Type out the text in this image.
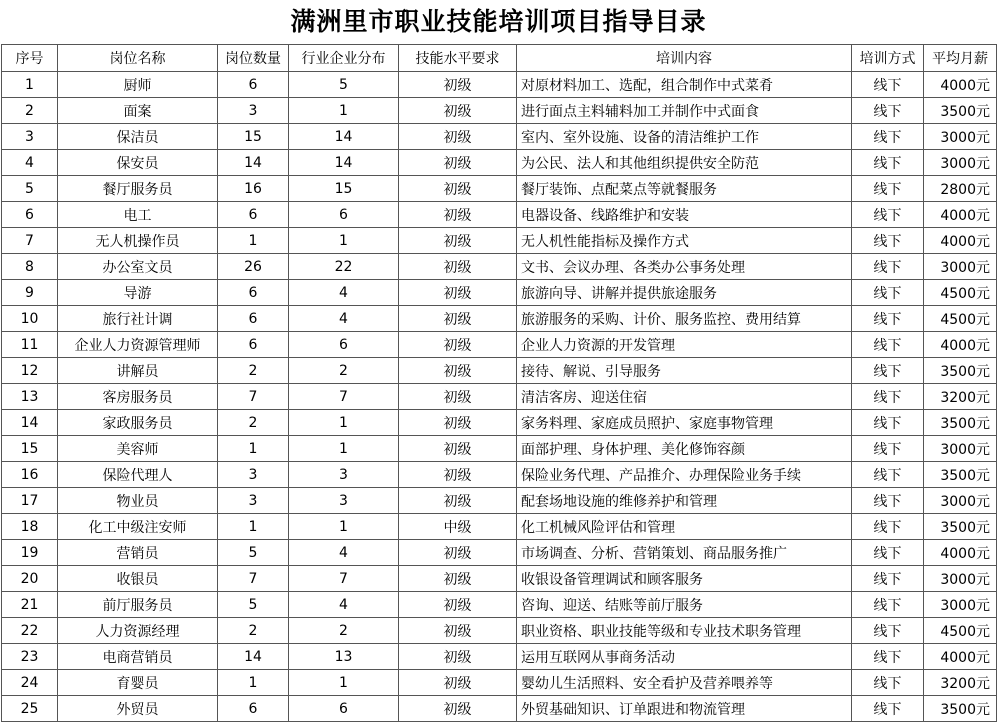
满洲里市职业技能培训项目指导目录
序号	岗位名称	岗位数量	行业企业分布	技能水平要求	培训内容	培训方式	平均月薪
1	厨师	6	5	初级	对原材料加工、选配，组合制作中式菜肴	线下	4000元
2	面案	3	1	初级	进行面点主料辅料加工并制作中式面食	线下	3500元
3	保洁员	15	14	初级	室内、室外设施、设备的清洁维护工作	线下	3000元
4	保安员	14	14	初级	为公民、法人和其他组织提供安全防范	线下	3000元
5	餐厅服务员	16	15	初级	餐厅装饰、点配菜点等就餐服务	线下	2800元
6	电工	6	6	初级	电器设备、线路维护和安装	线下	4000元
7	无人机操作员	1	1	初级	无人机性能指标及操作方式	线下	4000元
8	办公室文员	26	22	初级	文书、会议办理、各类办公事务处理	线下	3000元
9	导游	6	4	初级	旅游向导、讲解并提供旅途服务	线下	4500元
10	旅行社计调	6	4	初级	旅游服务的采购、计价、服务监控、费用结算	线下	4500元
11	企业人力资源管理师	6	6	初级	企业人力资源的开发管理	线下	4000元
12	讲解员	2	2	初级	接待、解说、引导服务	线下	3500元
13	客房服务员	7	7	初级	清洁客房、迎送住宿	线下	3200元
14	家政服务员	2	1	初级	家务料理、家庭成员照护、家庭事物管理	线下	3500元
15	美容师	1	1	初级	面部护理、身体护理、美化修饰容颜	线下	3000元
16	保险代理人	3	3	初级	保险业务代理、产品推介、办理保险业务手续	线下	3500元
17	物业员	3	3	初级	配套场地设施的维修养护和管理	线下	3000元
18	化工中级注安师	1	1	中级	化工机械风险评估和管理	线下	3500元
19	营销员	5	4	初级	市场调查、分析、营销策划、商品服务推广	线下	4000元
20	收银员	7	7	初级	收银设备管理调试和顾客服务	线下	3000元
21	前厅服务员	5	4	初级	咨询、迎送、结账等前厅服务	线下	3000元
22	人力资源经理	2	2	初级	职业资格、职业技能等级和专业技术职务管理	线下	4500元
23	电商营销员	14	13	初级	运用互联网从事商务活动	线下	4000元
24	育婴员	1	1	初级	婴幼儿生活照料、安全看护及营养喂养等	线下	3200元
25	外贸员	6	6	初级	外贸基础知识、订单跟进和物流管理	线下	3500元
